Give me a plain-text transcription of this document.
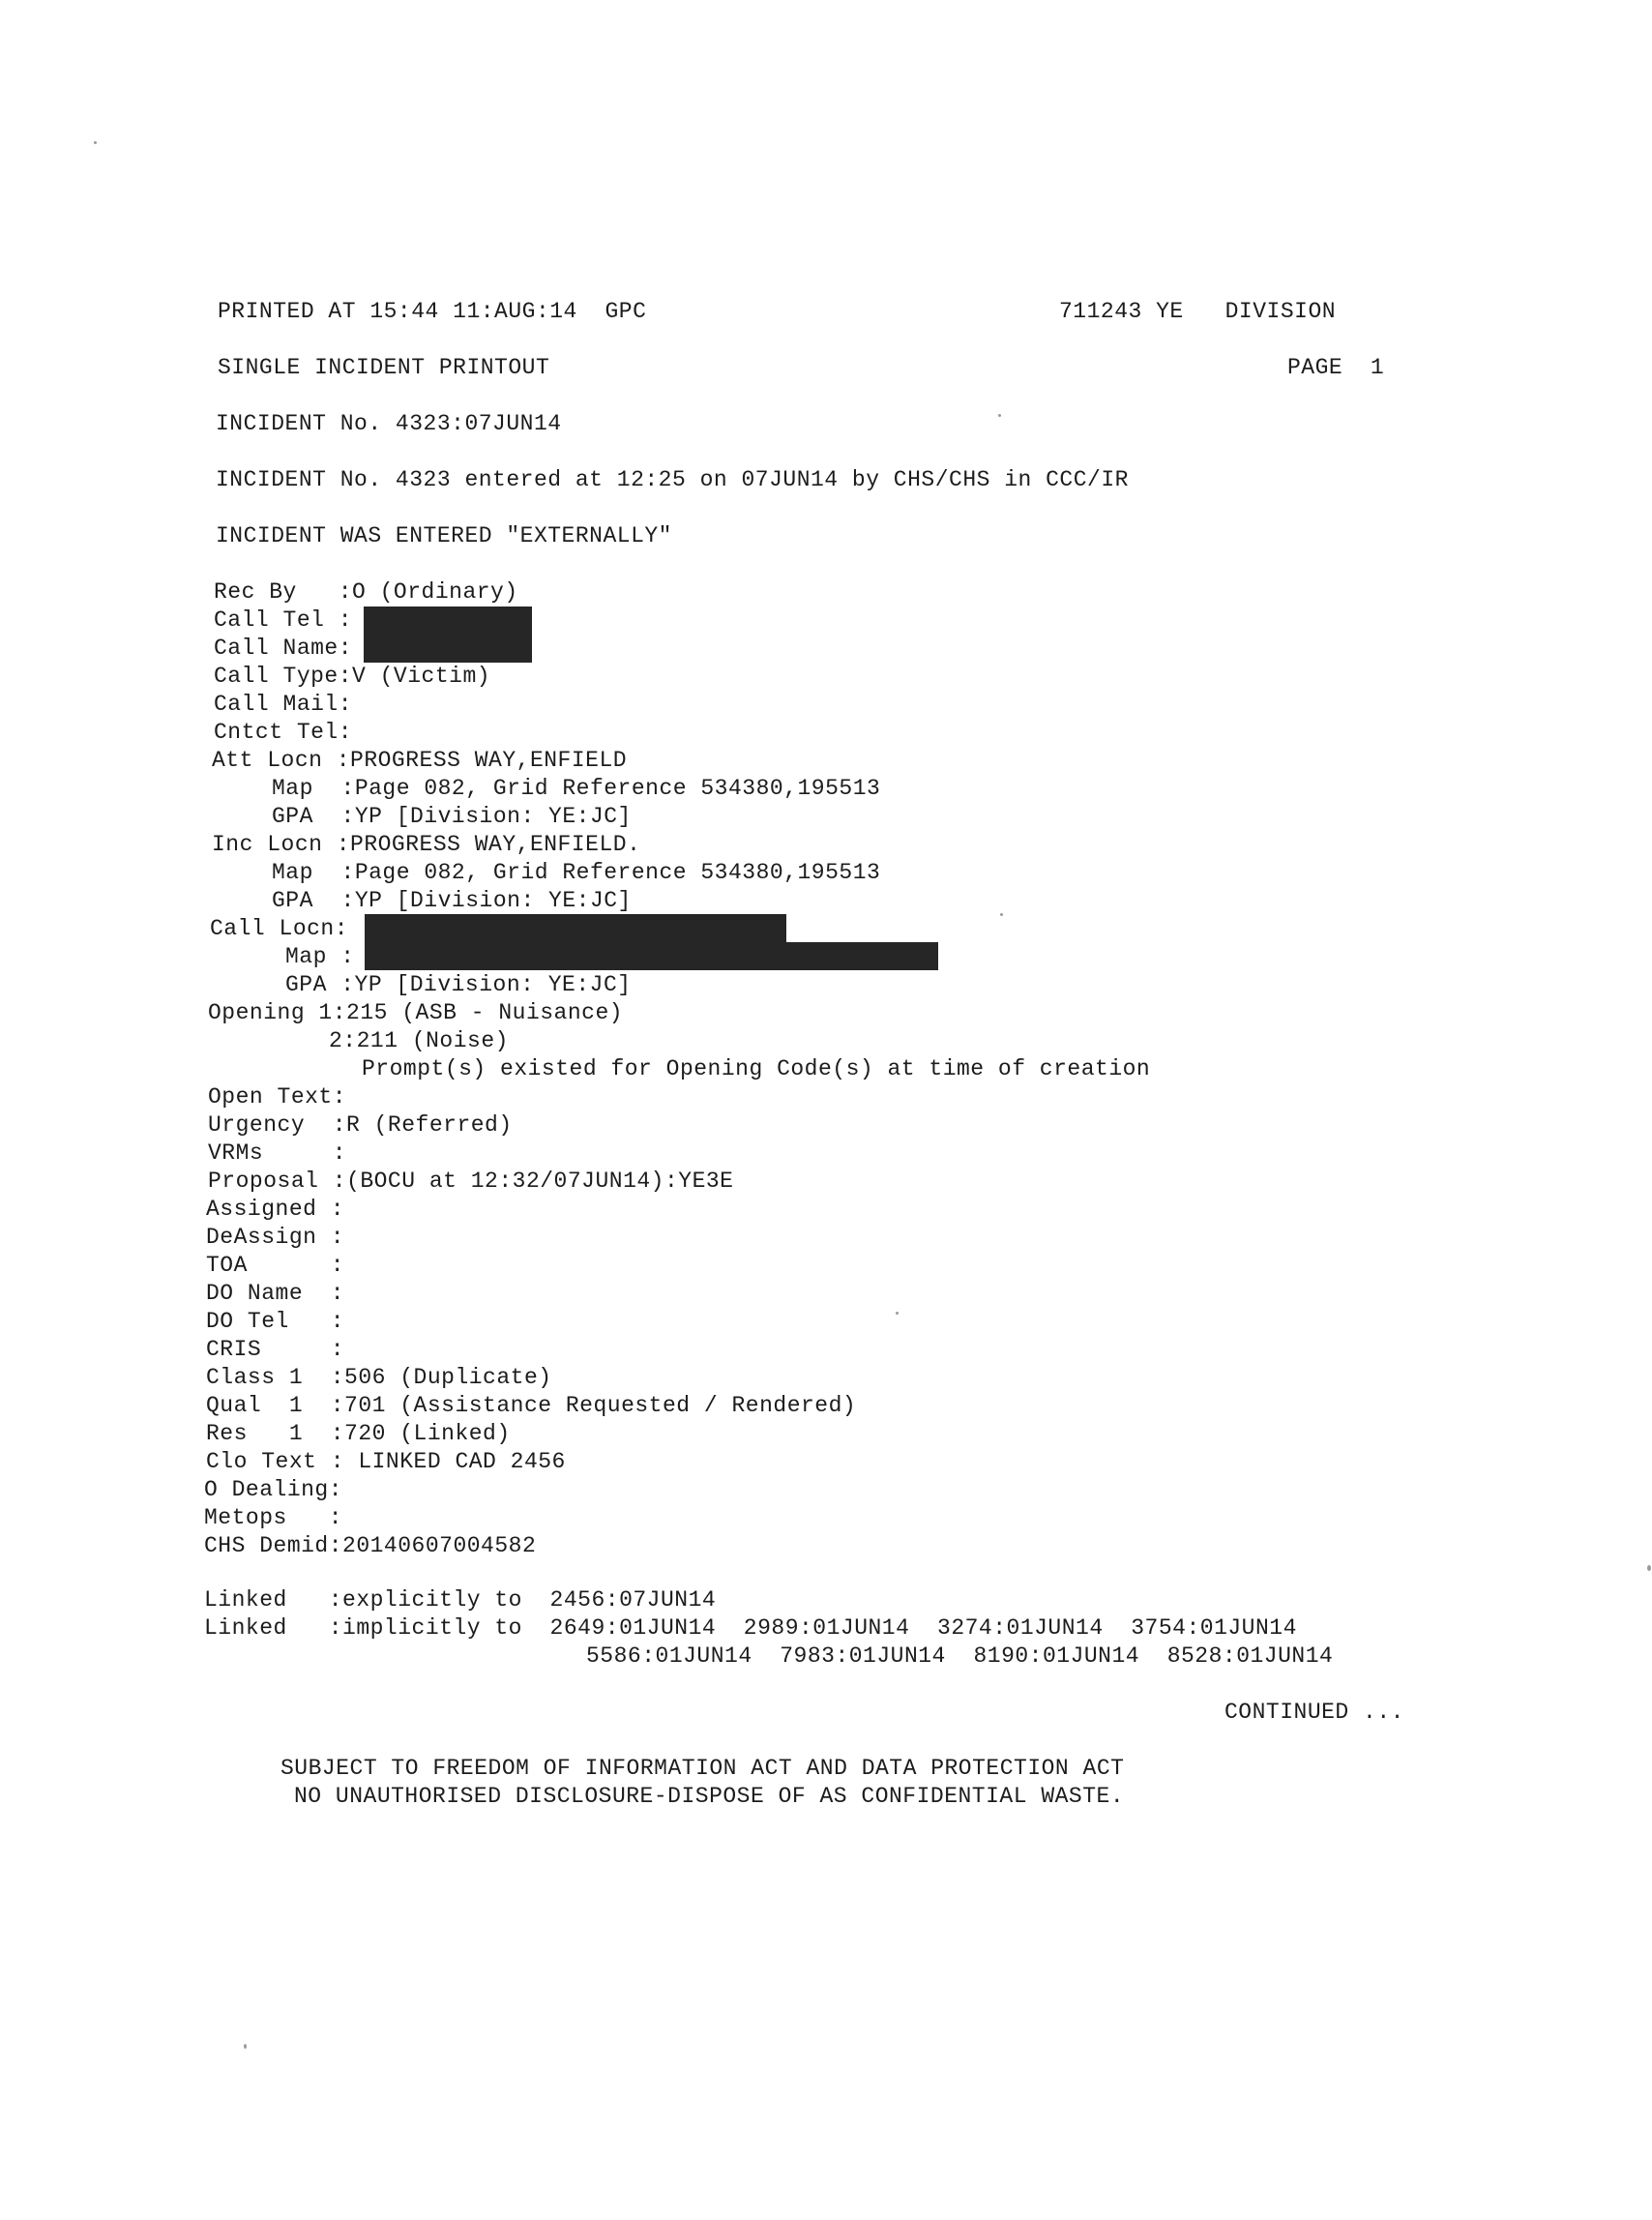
PRINTED AT 15:44 11:AUG:14  GPC	711243 YE   DIVISION
SINGLE INCIDENT PRINTOUT	PAGE  1
INCIDENT No. 4323:07JUN14
INCIDENT No. 4323 entered at 12:25 on 07JUN14 by CHS/CHS in CCC/IR
INCIDENT WAS ENTERED "EXTERNALLY"
Rec By   :O (Ordinary)
Call Tel :
Call Name:
Call Type:V (Victim)
Call Mail:
Cntct Tel:
Att Locn :PROGRESS WAY,ENFIELD
Map  :Page 082, Grid Reference 534380,195513
GPA  :YP [Division: YE:JC]
Inc Locn :PROGRESS WAY,ENFIELD.
Map  :Page 082, Grid Reference 534380,195513
GPA  :YP [Division: YE:JC]
Call Locn:
Map :
GPA :YP [Division: YE:JC]
Opening 1:215 (ASB - Nuisance)
2:211 (Noise)
Prompt(s) existed for Opening Code(s) at time of creation
Open Text:
Urgency  :R (Referred)
VRMs     :
Proposal :(BOCU at 12:32/07JUN14):YE3E
Assigned :
DeAssign :
TOA      :
DO Name  :
DO Tel   :
CRIS     :
Class 1  :506 (Duplicate)
Qual  1  :701 (Assistance Requested / Rendered)
Res   1  :720 (Linked)
Clo Text : LINKED CAD 2456
O Dealing:
Metops   :
CHS Demid:20140607004582
Linked   :explicitly to  2456:07JUN14
Linked   :implicitly to  2649:01JUN14  2989:01JUN14  3274:01JUN14  3754:01JUN14
5586:01JUN14  7983:01JUN14  8190:01JUN14  8528:01JUN14
CONTINUED ...
SUBJECT TO FREEDOM OF INFORMATION ACT AND DATA PROTECTION ACT
NO UNAUTHORISED DISCLOSURE-DISPOSE OF AS CONFIDENTIAL WASTE.
